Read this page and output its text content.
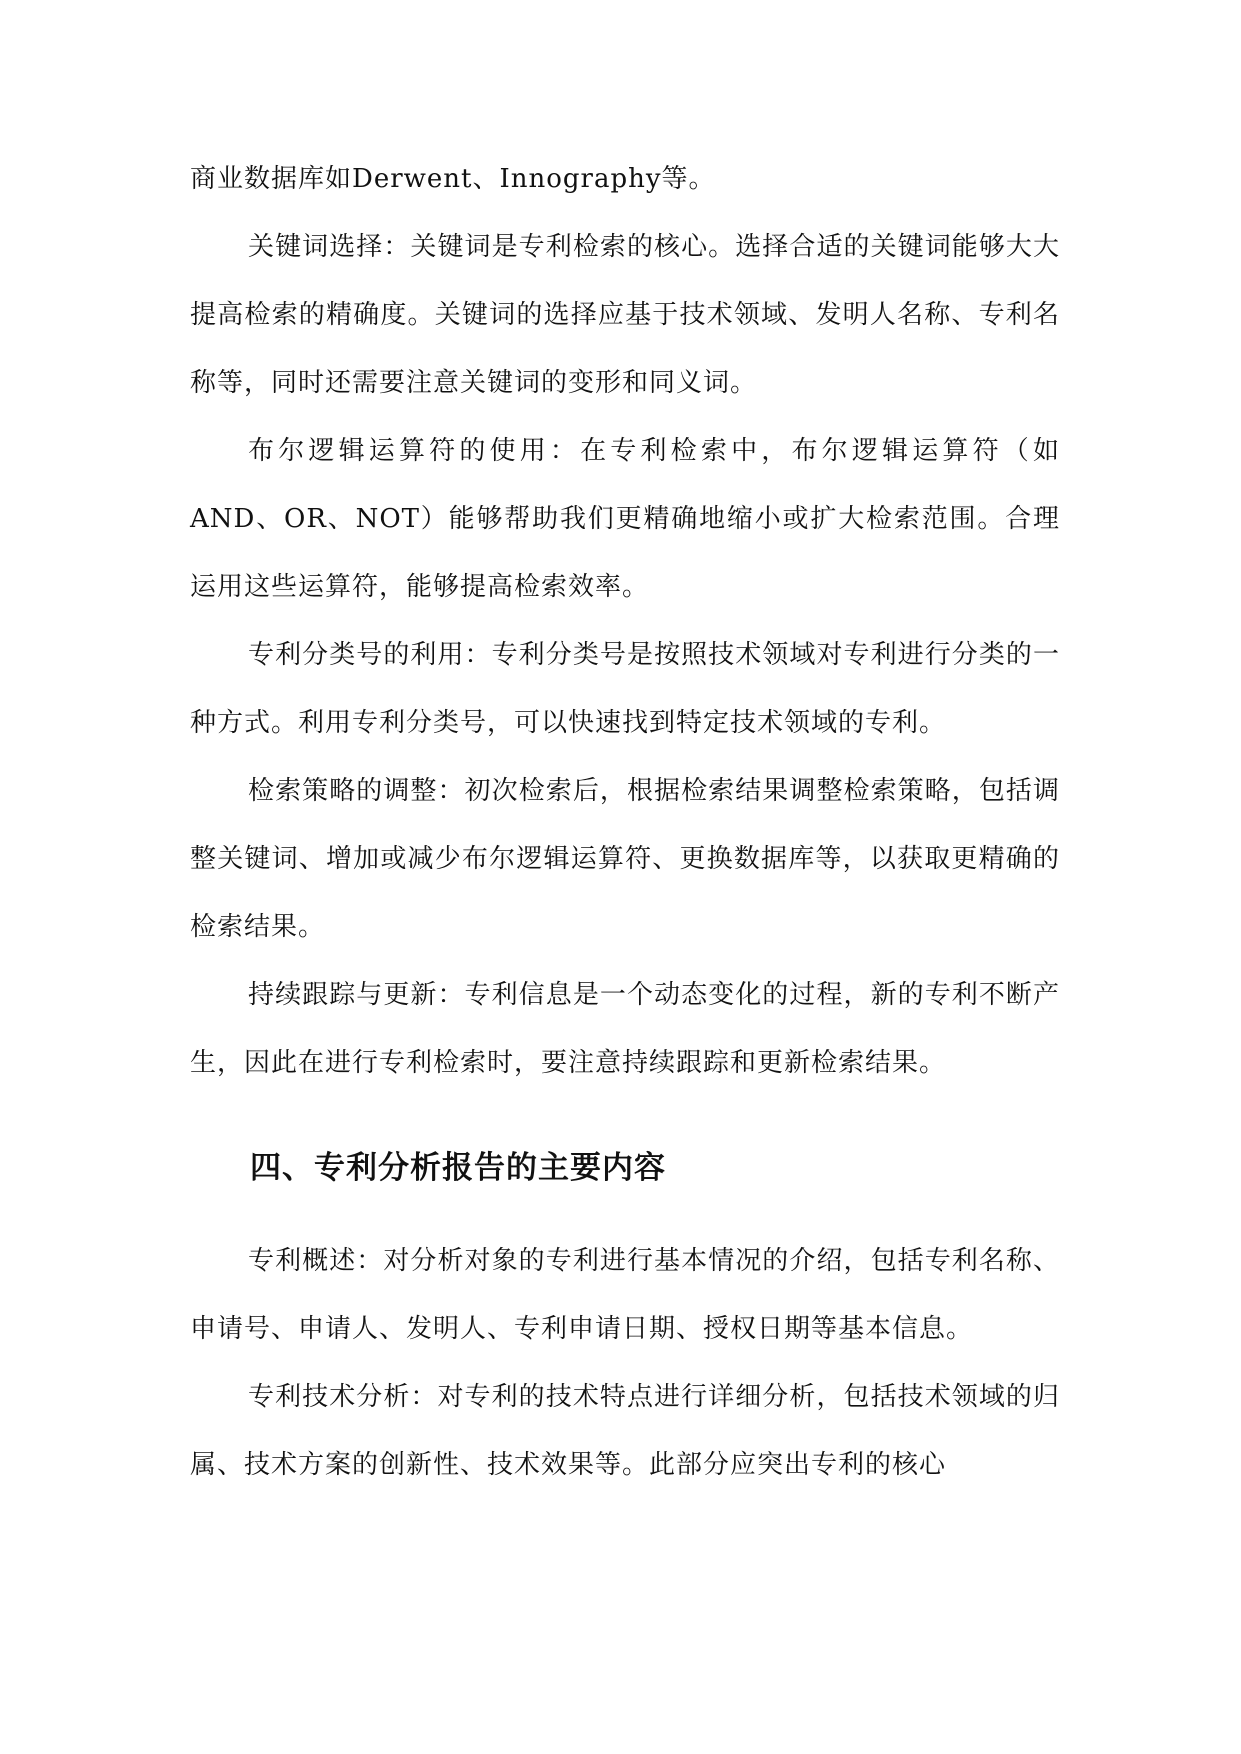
商业数据库如Derwent、Innography等。

关键词选择：关键词是专利检索的核心。选择合适的关键词能够大大提高检索的精确度。关键词的选择应基于技术领域、发明人名称、专利名称等，同时还需要注意关键词的变形和同义词。

布尔逻辑运算符的使用：在专利检索中，布尔逻辑运算符（如AND、OR、NOT）能够帮助我们更精确地缩小或扩大检索范围。合理运用这些运算符，能够提高检索效率。

专利分类号的利用：专利分类号是按照技术领域对专利进行分类的一种方式。利用专利分类号，可以快速找到特定技术领域的专利。

检索策略的调整：初次检索后，根据检索结果调整检索策略，包括调整关键词、增加或减少布尔逻辑运算符、更换数据库等，以获取更精确的检索结果。

持续跟踪与更新：专利信息是一个动态变化的过程，新的专利不断产生，因此在进行专利检索时，要注意持续跟踪和更新检索结果。

四、专利分析报告的主要内容

专利概述：对分析对象的专利进行基本情况的介绍，包括专利名称、申请号、申请人、发明人、专利申请日期、授权日期等基本信息。

专利技术分析：对专利的技术特点进行详细分析，包括技术领域的归属、技术方案的创新性、技术效果等。此部分应突出专利的核心
